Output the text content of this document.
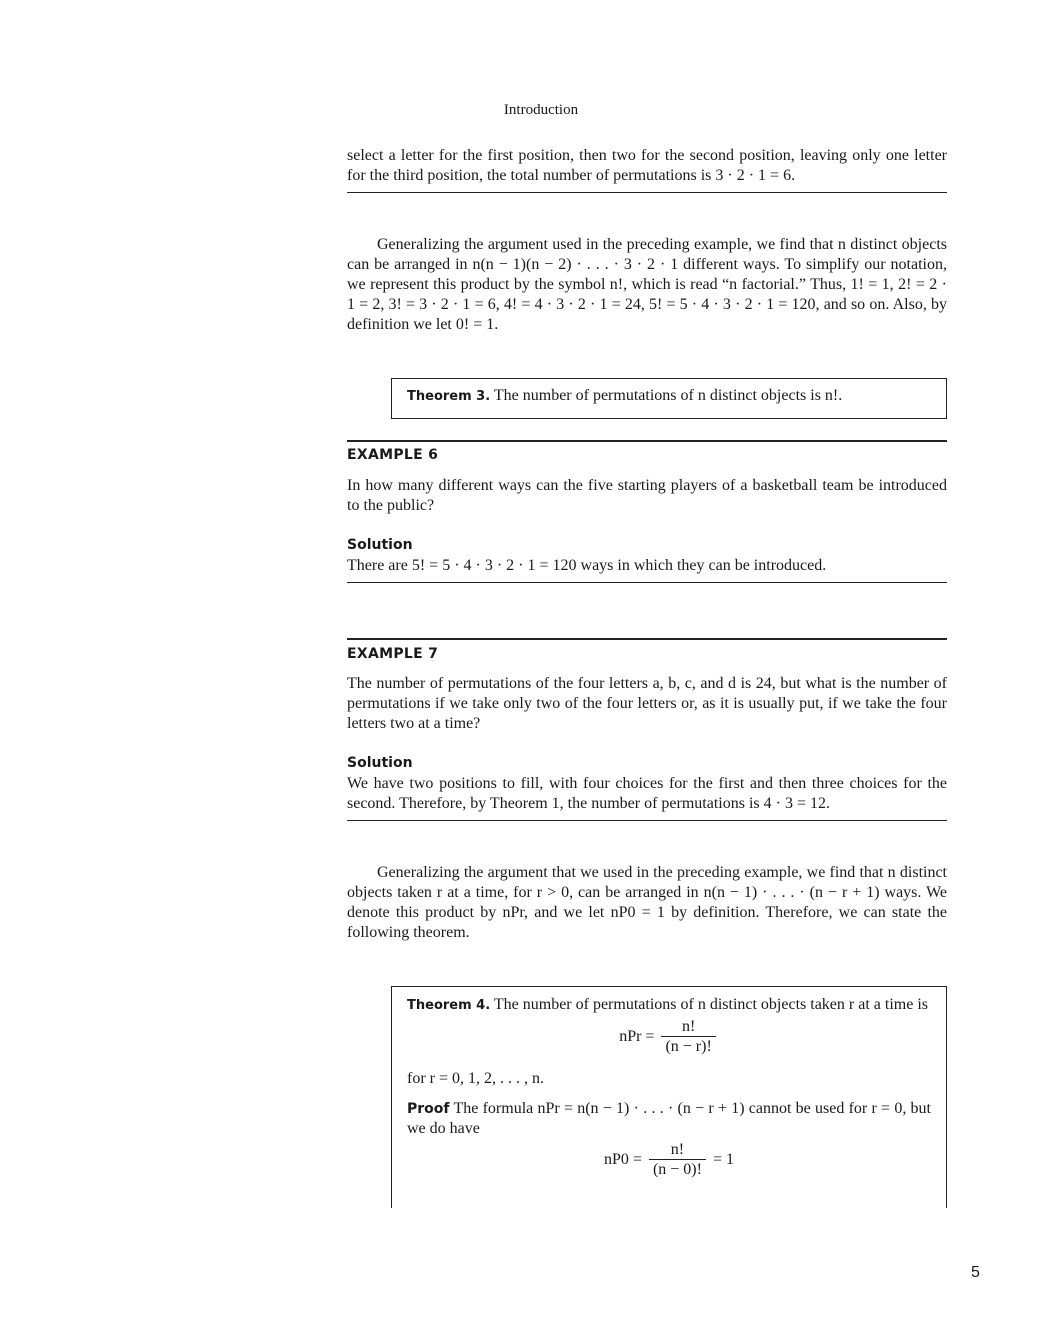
Introduction

select a letter for the first position, then two for the second position, leaving only one letter for the third position, the total number of permutations is 3 · 2 · 1 = 6.

Generalizing the argument used in the preceding example, we find that n distinct objects can be arranged in n(n − 1)(n − 2) · . . . · 3 · 2 · 1 different ways. To simplify our notation, we represent this product by the symbol n!, which is read “n factorial.” Thus, 1! = 1, 2! = 2 · 1 = 2, 3! = 3 · 2 · 1 = 6, 4! = 4 · 3 · 2 · 1 = 24, 5! = 5 · 4 · 3 · 2 · 1 = 120, and so on. Also, by definition we let 0! = 1.

Theorem 3. The number of permutations of n distinct objects is n!.
EXAMPLE 6

In how many different ways can the five starting players of a basketball team be introduced to the public?

Solution

There are 5! = 5 · 4 · 3 · 2 · 1 = 120 ways in which they can be introduced.

EXAMPLE 7

The number of permutations of the four letters a, b, c, and d is 24, but what is the number of permutations if we take only two of the four letters or, as it is usually put, if we take the four letters two at a time?

Solution

We have two positions to fill, with four choices for the first and then three choices for the second. Therefore, by Theorem 1, the number of permutations is 4 · 3 = 12.

Generalizing the argument that we used in the preceding example, we find that n distinct objects taken r at a time, for r > 0, can be arranged in n(n − 1) · . . . · (n − r + 1) ways. We denote this product by nPr, and we let nP0 = 1 by definition. Therefore, we can state the following theorem.

Theorem 4. The number of permutations of n distinct objects taken r at a time is
nPr = $\frac{n!}{(n - r)!}$
for r = 0, 1, 2, . . . , n.
Proof The formula nPr = n(n − 1) · . . . · (n − r + 1) cannot be used for r = 0, but we do have
$nP0 = \frac{n!}{(n - 0)!} = 1$
5
